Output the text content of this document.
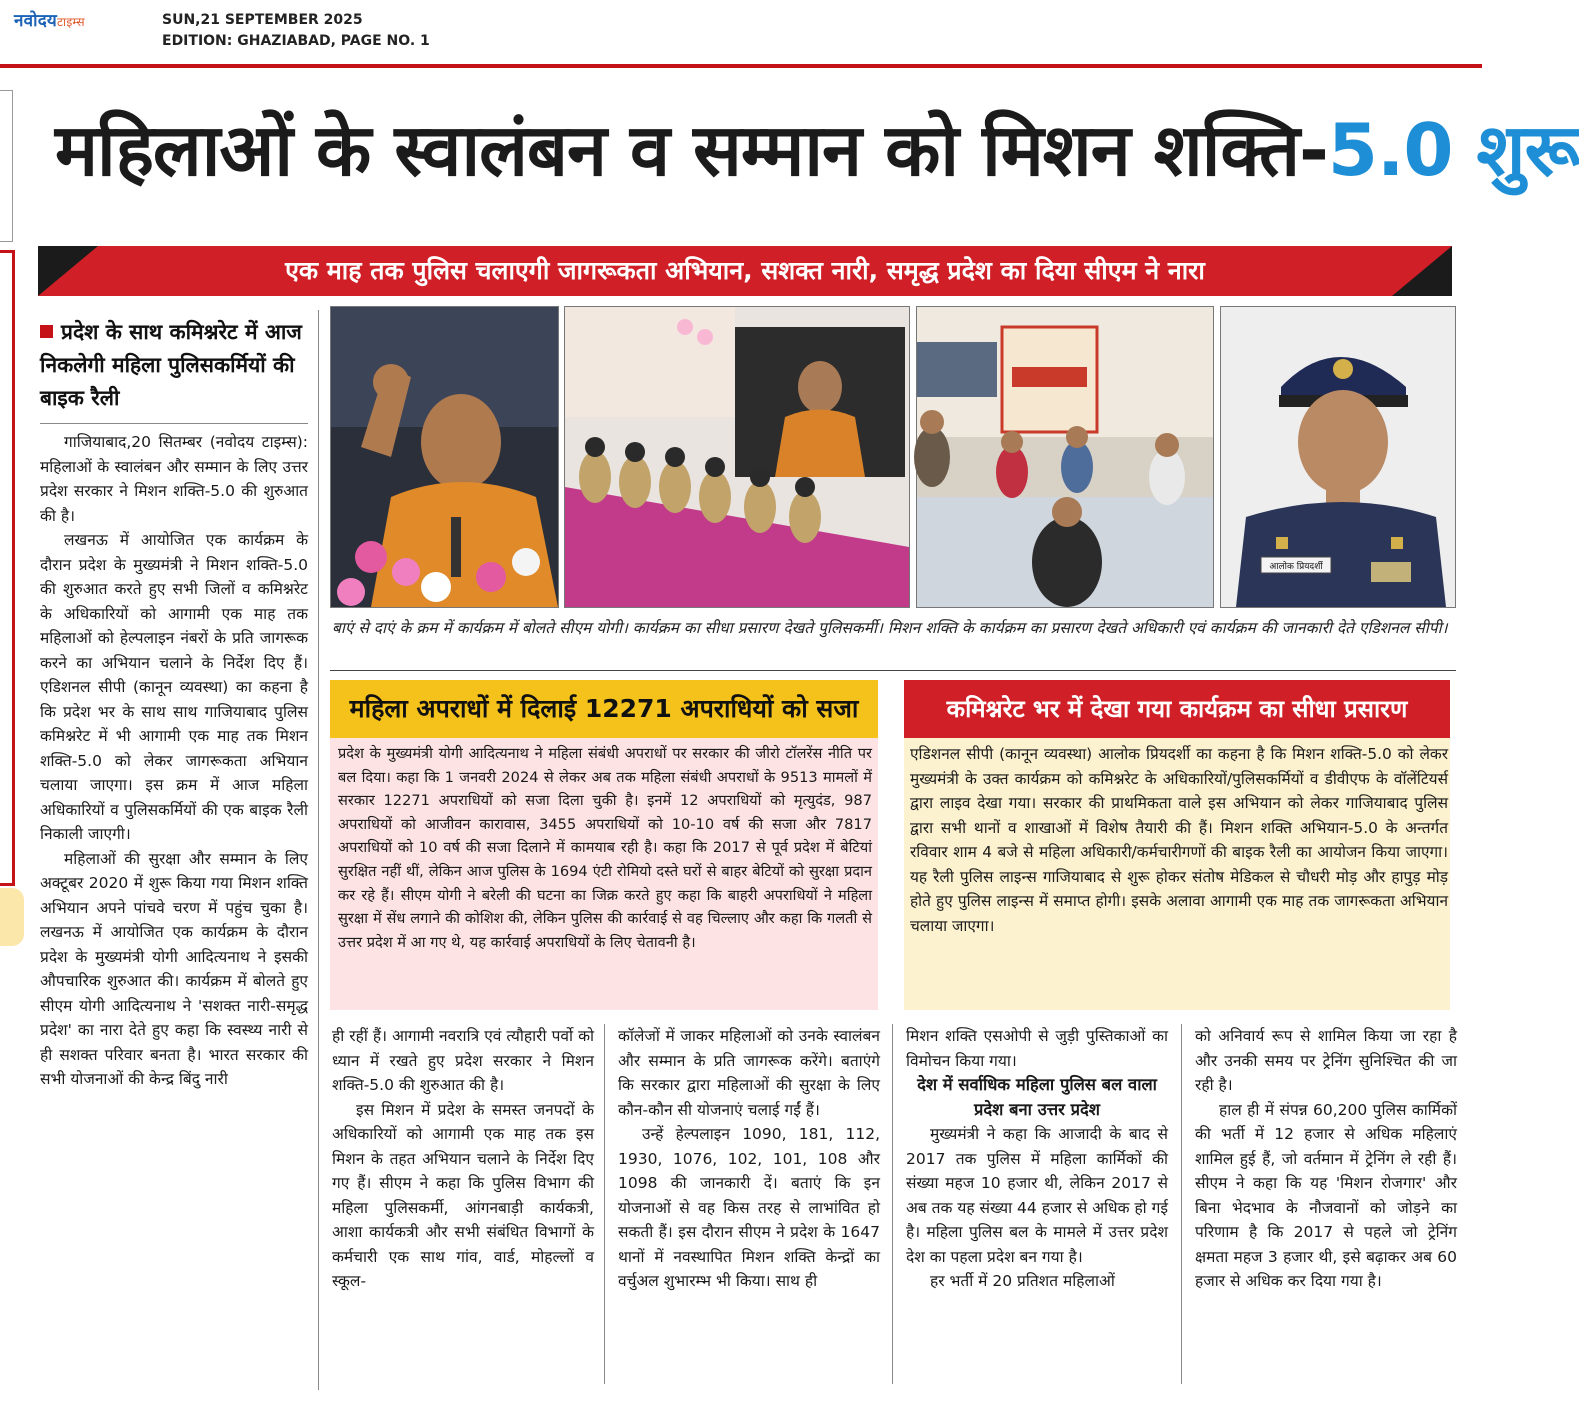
नवोदयटाइम्स	SUN,21 SEPTEMBER 2025
EDITION: GHAZIABAD, PAGE NO. 1
महिलाओं के स्वालंबन व सम्मान को मिशन शक्ति-5.0 शुरू
एक माह तक पुलिस चलाएगी जागरूकता अभियान, सशक्त नारी, समृद्ध प्रदेश का दिया सीएम ने नारा
आलोक प्रियदर्शी
बाएं से दाएं के क्रम में कार्यक्रम में बोलते सीएम योगी। कार्यक्रम का सीधा प्रसारण देखते पुलिसकर्मी। मिशन शक्ति के कार्यक्रम का प्रसारण देखते अधिकारी एवं कार्यक्रम की जानकारी देते एडिशनल सीपी।
प्रदेश के साथ कमिश्नरेट में आज निकलेगी महिला पुलिसकर्मियों की बाइक रैली

गाजियाबाद,20 सितम्बर (नवोदय टाइम्स): महिलाओं के स्वालंबन और सम्मान के लिए उत्तर प्रदेश सरकार ने मिशन शक्ति-5.0 की शुरुआत की है।

लखनऊ में आयोजित एक कार्यक्रम के दौरान प्रदेश के मुख्यमंत्री ने मिशन शक्ति-5.0 की शुरुआत करते हुए सभी जिलों व कमिश्नरेट के अधिकारियों को आगामी एक माह तक महिलाओं को हेल्पलाइन नंबरों के प्रति जागरूक करने का अभियान चलाने के निर्देश दिए हैं। एडिशनल सीपी (कानून व्यवस्था) का कहना है कि प्रदेश भर के साथ साथ गाजियाबाद पुलिस कमिश्नरेट में भी आगामी एक माह तक मिशन शक्ति-5.0 को लेकर जागरूकता अभियान चलाया जाएगा। इस क्रम में आज महिला अधिकारियों व पुलिसकर्मियों की एक बाइक रैली निकाली जाएगी।

महिलाओं की सुरक्षा और सम्मान के लिए अक्टूबर 2020 में शुरू किया गया मिशन शक्ति अभियान अपने पांचवे चरण में पहुंच चुका है। लखनऊ में आयोजित एक कार्यक्रम के दौरान प्रदेश के मुख्यमंत्री योगी आदित्यनाथ ने इसकी औपचारिक शुरुआत की। कार्यक्रम में बोलते हुए सीएम योगी आदित्यनाथ ने 'सशक्त नारी-समृद्ध प्रदेश' का नारा देते हुए कहा कि स्वस्थ्य नारी से ही सशक्त परिवार बनता है। भारत सरकार की सभी योजनाओं की केन्द्र बिंदु नारी

महिला अपराधों में दिलाई 12271 अपराधियों को सजा
प्रदेश के मुख्यमंत्री योगी आदित्यनाथ ने महिला संबंधी अपराधों पर सरकार की जीरो टॉलरेंस नीति पर बल दिया। कहा कि 1 जनवरी 2024 से लेकर अब तक महिला संबंधी अपराधों के 9513 मामलों में सरकार 12271 अपराधियों को सजा दिला चुकी है। इनमें 12 अपराधियों को मृत्युदंड, 987 अपराधियों को आजीवन कारावास, 3455 अपराधियों को 10-10 वर्ष की सजा और 7817 अपराधियों को 10 वर्ष की सजा दिलाने में कामयाब रही है। कहा कि 2017 से पूर्व प्रदेश में बेटियां सुरक्षित नहीं थीं, लेकिन आज पुलिस के 1694 एंटी रोमियो दस्ते घरों से बाहर बेटियों को सुरक्षा प्रदान कर रहे हैं। सीएम योगी ने बरेली की घटना का जिक्र करते हुए कहा कि बाहरी अपराधियों ने महिला सुरक्षा में सेंध लगाने की कोशिश की, लेकिन पुलिस की कार्रवाई से वह चिल्लाए और कहा कि गलती से उत्तर प्रदेश में आ गए थे, यह कार्रवाई अपराधियों के लिए चेतावनी है।
कमिश्नरेट भर में देखा गया कार्यक्रम का सीधा प्रसारण
एडिशनल सीपी (कानून व्यवस्था) आलोक प्रियदर्शी का कहना है कि मिशन शक्ति-5.0 को लेकर मुख्यमंत्री के उक्त कार्यक्रम को कमिश्नरेट के अधिकारियों/पुलिसकर्मियों व डीवीएफ के वॉलेंटियर्स द्वारा लाइव देखा गया। सरकार की प्राथमिकता वाले इस अभियान को लेकर गाजियाबाद पुलिस द्वारा सभी थानों व शाखाओं में विशेष तैयारी की हैं। मिशन शक्ति अभियान-5.0 के अन्तर्गत रविवार शाम 4 बजे से महिला अधिकारी/कर्मचारीगणों की बाइक रैली का आयोजन किया जाएगा। यह रैली पुलिस लाइन्स गाजियाबाद से शुरू होकर संतोष मेडिकल से चौधरी मोड़ और हापुड़ मोड़ होते हुए पुलिस लाइन्स में समाप्त होगी। इसके अलावा आगामी एक माह तक जागरूकता अभियान चलाया जाएगा।

ही रहीं हैं। आगामी नवरात्रि एवं त्यौहारी पर्वो को ध्यान में रखते हुए प्रदेश सरकार ने मिशन शक्ति-5.0 की शुरुआत की है।

इस मिशन में प्रदेश के समस्त जनपदों के अधिकारियों को आगामी एक माह तक इस मिशन के तहत अभियान चलाने के निर्देश दिए गए हैं। सीएम ने कहा कि पुलिस विभाग की महिला पुलिसकर्मी, आंगनबाड़ी कार्यकत्री, आशा कार्यकत्री और सभी संबंधित विभागों के कर्मचारी एक साथ गांव, वार्ड, मोहल्लों व स्कूल-

कॉलेजों में जाकर महिलाओं को उनके स्वालंबन और सम्मान के प्रति जागरूक करेंगे। बताएंगे कि सरकार द्वारा महिलाओं की सुरक्षा के लिए कौन-कौन सी योजनाएं चलाई गईं हैं।

उन्हें हेल्पलाइन 1090, 181, 112, 1930, 1076, 102, 101, 108 और 1098 की जानकारी दें। बताएं कि इन योजनाओं से वह किस तरह से लाभांवित हो सकती हैं। इस दौरान सीएम ने प्रदेश के 1647 थानों में नवस्थापित मिशन शक्ति केन्द्रों का वर्चुअल शुभारम्भ भी किया। साथ ही

मिशन शक्ति एसओपी से जुड़ी पुस्तिकाओं का विमोचन किया गया।

देश में सर्वाधिक महिला पुलिस बल वाला प्रदेश बना उत्तर प्रदेश

मुख्यमंत्री ने कहा कि आजादी के बाद से 2017 तक पुलिस में महिला कार्मिकों की संख्या महज 10 हजार थी, लेकिन 2017 से अब तक यह संख्या 44 हजार से अधिक हो गई है। महिला पुलिस बल के मामले में उत्तर प्रदेश देश का पहला प्रदेश बन गया है।

हर भर्ती में 20 प्रतिशत महिलाओं

को अनिवार्य रूप से शामिल किया जा रहा है और उनकी समय पर ट्रेनिंग सुनिश्चित की जा रही है।

हाल ही में संपन्न 60,200 पुलिस कार्मिकों की भर्ती में 12 हजार से अधिक महिलाएं शामिल हुई हैं, जो वर्तमान में ट्रेनिंग ले रही हैं। सीएम ने कहा कि यह 'मिशन रोजगार' और बिना भेदभाव के नौजवानों को जोड़ने का परिणाम है कि 2017 से पहले जो ट्रेनिंग क्षमता महज 3 हजार थी, इसे बढ़ाकर अब 60 हजार से अधिक कर दिया गया है।
